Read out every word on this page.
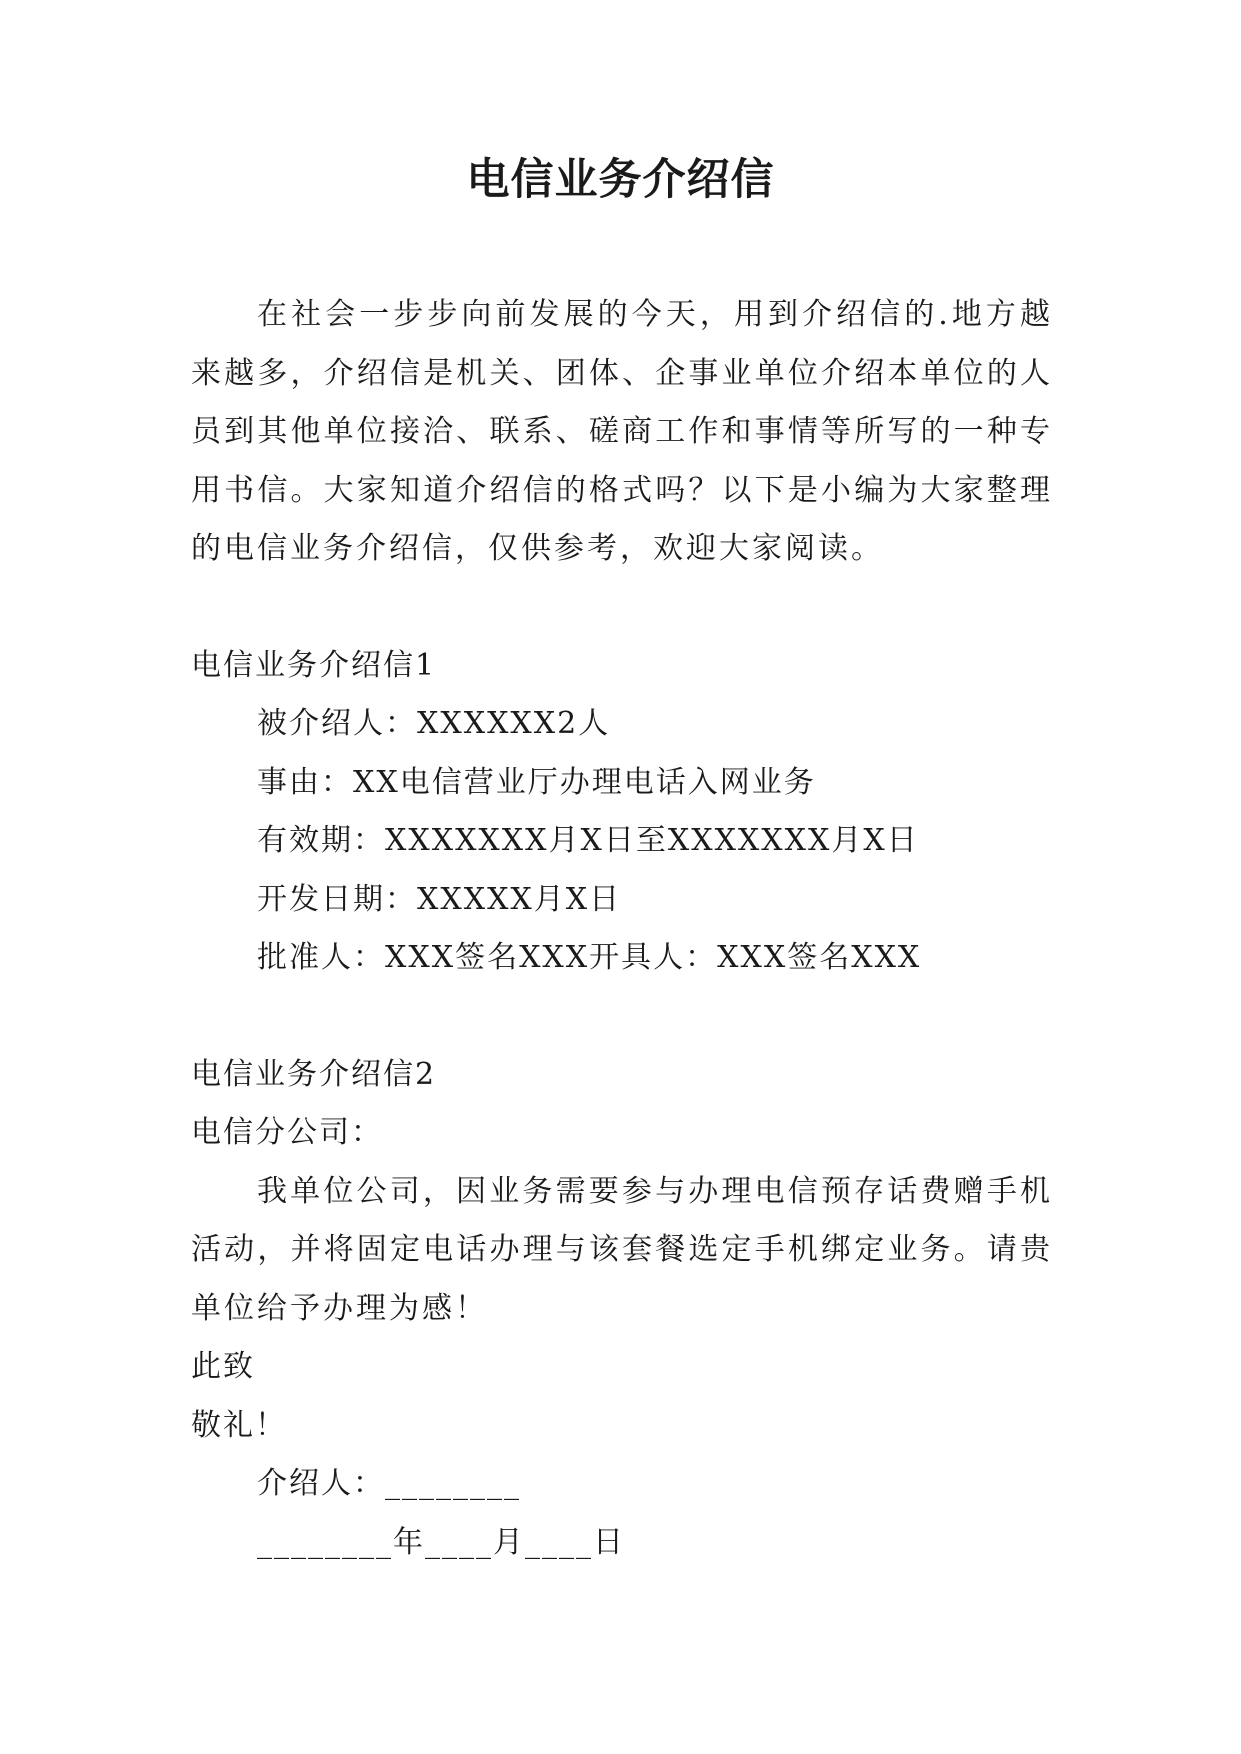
电信业务介绍信

在社会一步步向前发展的今天，用到介绍信的.地方越来越多，介绍信是机关、团体、企事业单位介绍本单位的人员到其他单位接洽、联系、磋商工作和事情等所写的一种专用书信。大家知道介绍信的格式吗？以下是小编为大家整理的电信业务介绍信，仅供参考，欢迎大家阅读。

电信业务介绍信1

被介绍人：XXXXXX2人

事由：XX电信营业厅办理电话入网业务

有效期：XXXXXXX月X日至XXXXXXX月X日

开发日期：XXXXX月X日

批准人：XXX签名XXX开具人：XXX签名XXX

电信业务介绍信2

电信分公司：

我单位公司，因业务需要参与办理电信预存话费赠手机活动，并将固定电话办理与该套餐选定手机绑定业务。请贵单位给予办理为感！

此致

敬礼！

介绍人：________

________年____月____日
